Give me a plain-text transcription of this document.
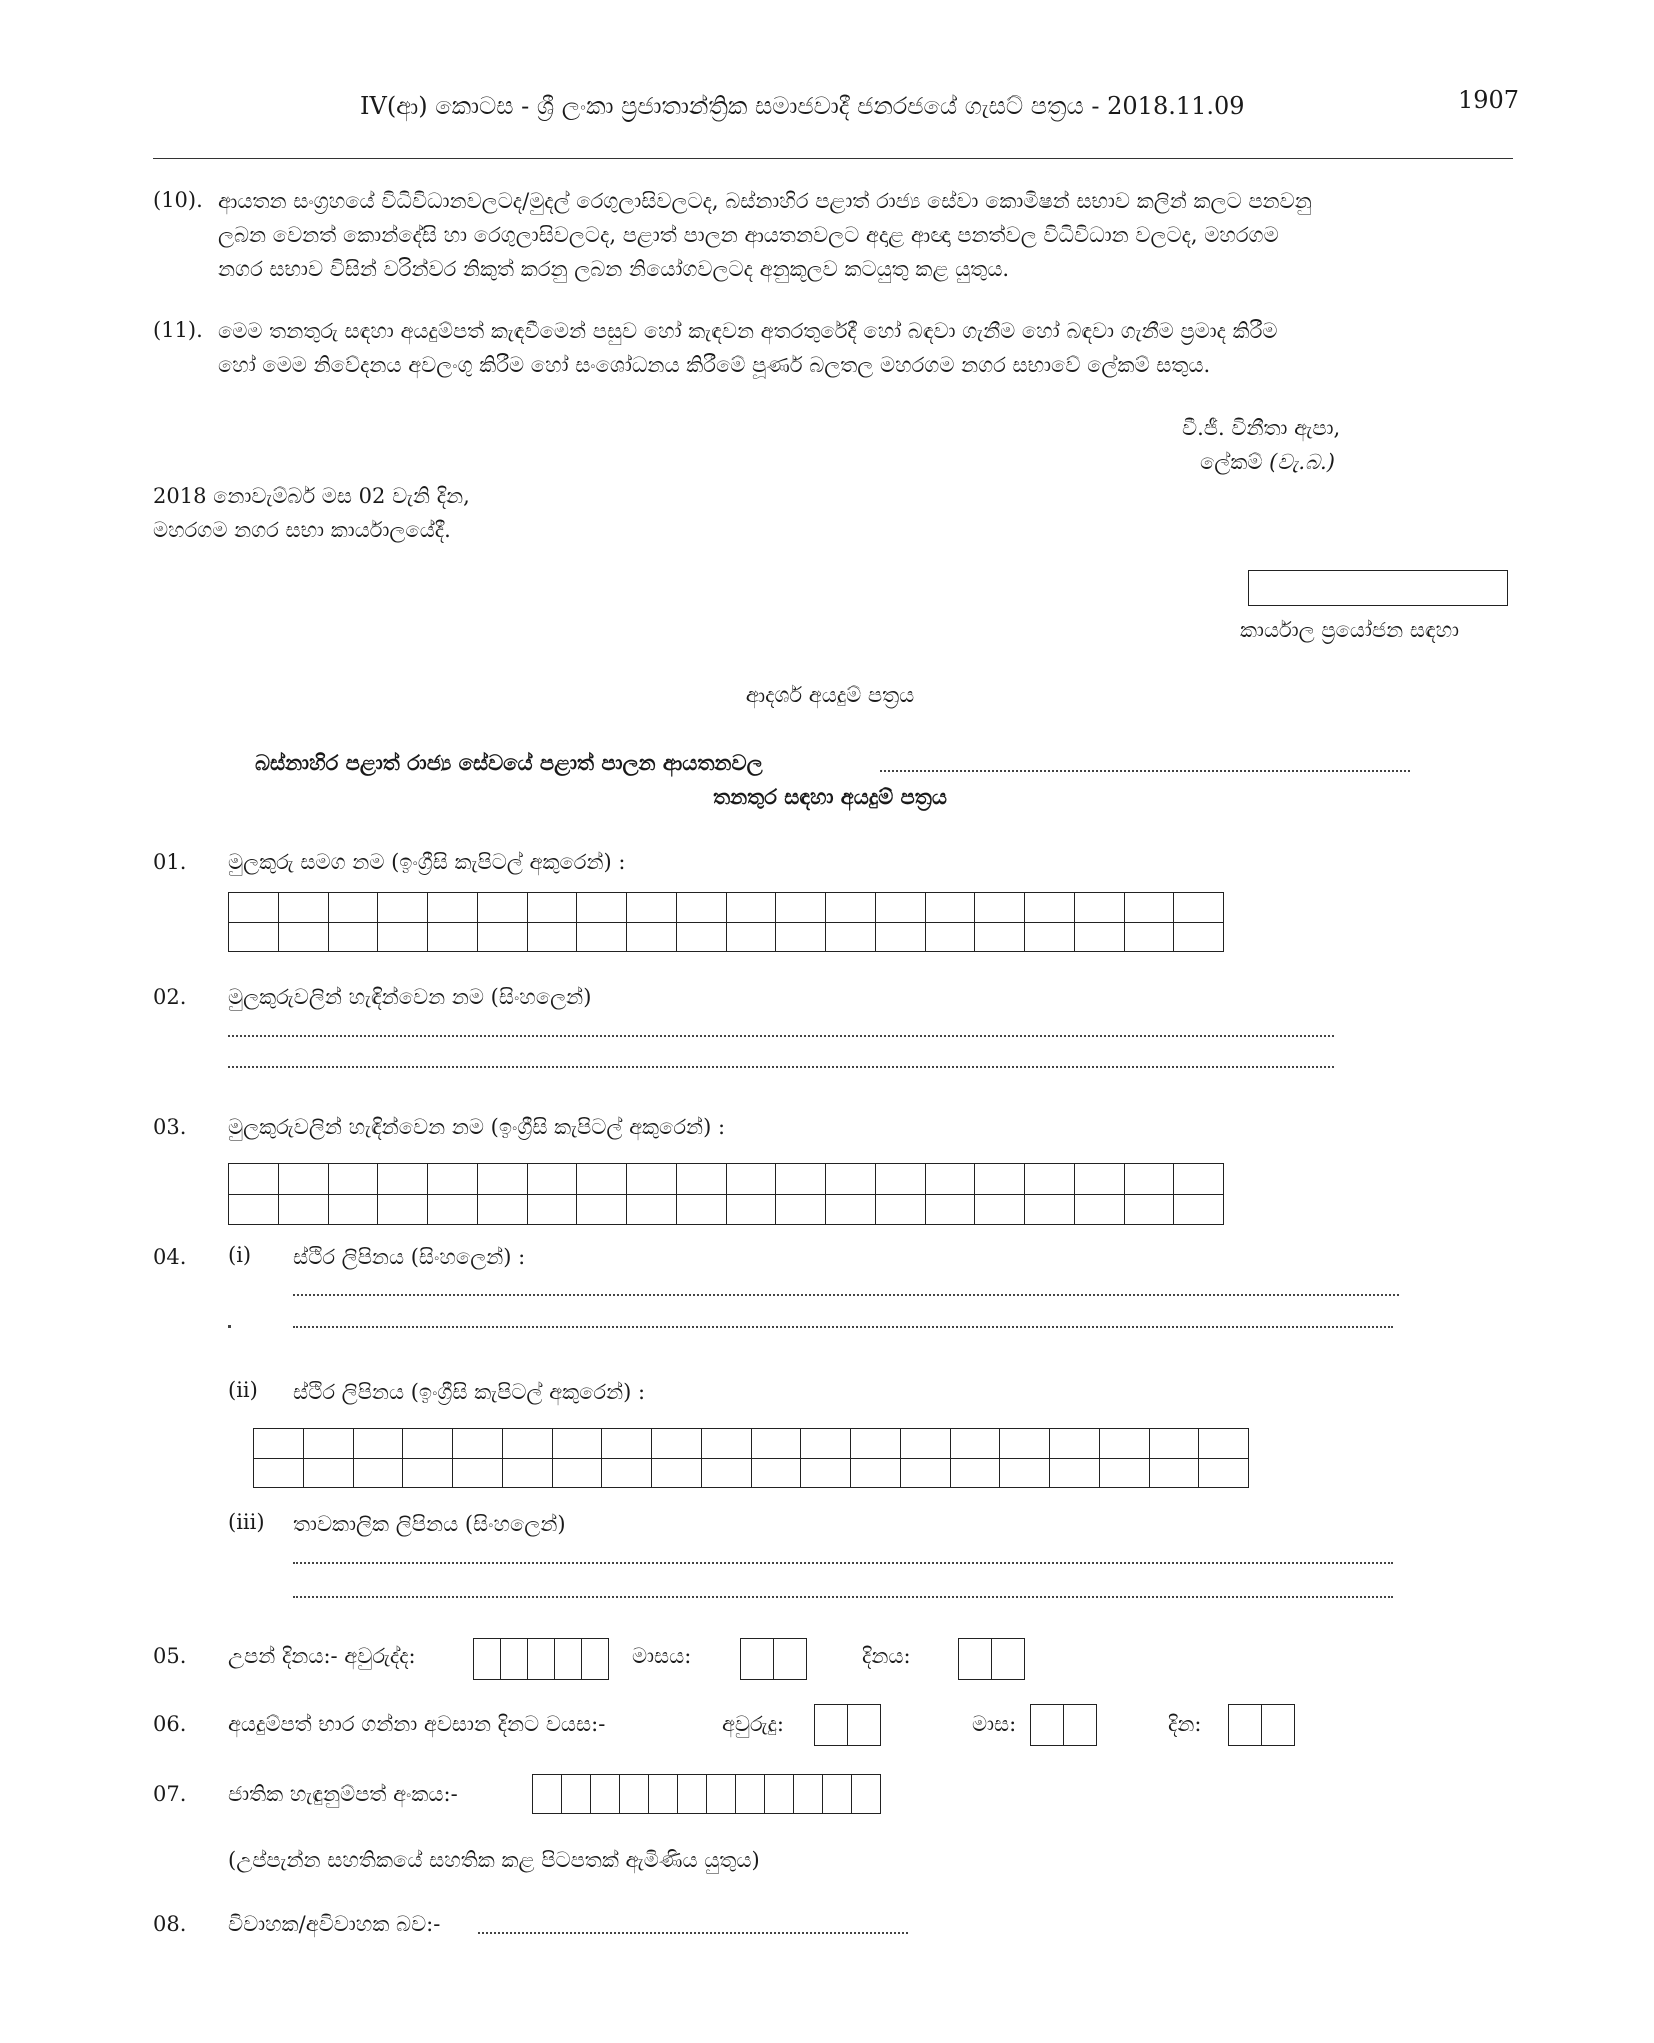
IV(ආ) කොටස - ශ්‍රී ලංකා ප්‍රජාතාන්ත්‍රික සමාජවාදී ජනරජයේ ගැසට් පත්‍රය - 2018.11.09	1907
(10). ආයතන සංග්‍රහයේ විධිවිධානවලටද/මුදල් රෙගුලාසිවලටද, බස්නාහිර පළාත් රාජ්‍ය සේවා කොමිෂන් සභාව කලින් කලට පනවනු
ලබන වෙනත් කොන්දේසි හා රෙගුලාසිවලටද, පළාත් පාලන ආයතනවලට අදාළ ආඥා පනත්වල විධිවිධාන වලටද, මහරගම
නගර සභාව විසින් වරින්වර නිකුත් කරනු ලබන නියෝගවලටද අනුකූලව කටයුතු කළ යුතුය.
(11). මෙම තනතුරු සඳහා අයදුම්පත් කැඳවීමෙන් පසුව හෝ කැඳවන අතරතුරේදී හෝ බඳවා ගැනීම හෝ බඳවා ගැනීම ප්‍රමාද කිරීම
හෝ මෙම නිවේදනය අවලංගු කිරීම හෝ සංශෝධනය කිරීමේ පූර්ණ බලතල මහරගම නගර සභාවේ ලේකම් සතුය.
වී.ජී. විනීතා ඇපා,
ලේකම් (වැ.බ.)
2018 නොවැම්බර් මස 02 වැනි දින,
මහරගම නගර සභා කාර්යාලයේදී.
කාර්යාල ප්‍රයෝජන සඳහා
ආදර්ශ අයදුම් පත්‍රය
බස්නාහිර පළාත් රාජ්‍ය සේවයේ පළාත් පාලන ආයතනවල
තනතුර සඳහා අයදුම් පත්‍රය
01. මුලකුරු සමග නම (ඉංග්‍රීසි කැපිටල් අකුරෙන්) :

02. මුලකුරුවලින් හැඳින්වෙන නම (සිංහලෙන්)
03. මුලකුරුවලින් හැඳින්වෙන නම (ඉංග්‍රීසි කැපිටල් අකුරෙන්) :

04. (i) ස්ථිර ලිපිනය (සිංහලෙන්) :
(ii) ස්ථිර ලිපිනය (ඉංග්‍රීසි කැපිටල් අකුරෙන්) :

(iii) තාවකාලික ලිපිනය (සිංහලෙන්)
05. උපන් දිනය:- අවුරුද්ද:	මාසය:	දිනය:
06. අයදුම්පත් භාර ගන්නා අවසාන දිනට වයස:-	අවුරුදු:	මාස:	දින:
07. ජාතික හැඳුනුම්පත් අංකය:-
(උප්පැන්න සහතිකයේ සහතික කළ පිටපතක් ඇමිණිය යුතුය)
08. විවාහක/අවිවාහක බව:-
